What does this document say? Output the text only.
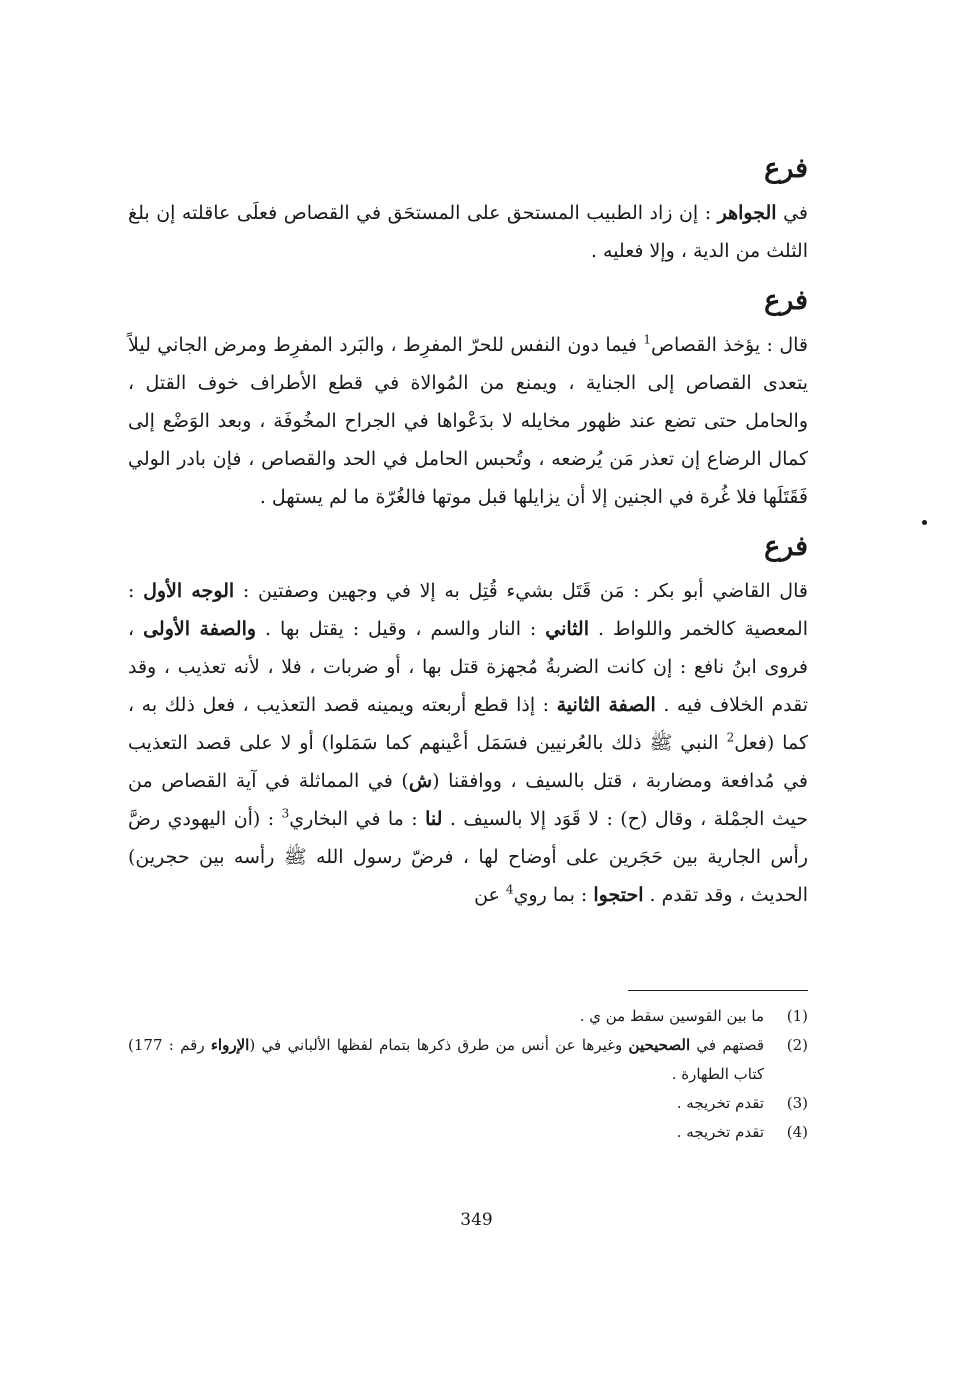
فرع

في الجواهر : إن زاد الطبيب المستحق على المستحَق في القصاص فعلَى عاقلته إن بلغ الثلث من الدية ، وإلا فعليه .

فرع

قال : يؤخذ القصاص$^1$ فيما دون النفس للحرّ المفرِط ، والبَرد المفرِط ومرض الجاني ليلاً يتعدى القصاص إلى الجناية ، ويمنع من المُوالاة في قطع الأطراف خوف القتل ، والحامل حتى تضع عند ظهور مخايله لا بدَعْواها في الجراح المخُوفَة ، وبعد الوَضْع إلى كمال الرضاع إن تعذر مَن يُرضعه ، وتُحبس الحامل في الحد والقصاص ، فإن بادر الولي فَقَتَلَها فلا غُرة في الجنين إلا أن يزايلها قبل موتها فالغُرّة ما لم يستهل .

فرع

قال القاضي أبو بكر : مَن قَتَل بشيء قُتِل به إلا في وجهين وصفتين : الوجه الأول : المعصية كالخمر واللواط . الثاني : النار والسم ، وقيل : يقتل بها . والصفة الأولى ، فروى ابنُ نافع : إن كانت الضربةُ مُجهزة قتل بها ، أو ضربات ، فلا ، لأنه تعذيب ، وقد تقدم الخلاف فيه . الصفة الثانية : إذا قطع أربعته ويمينه قصد التعذيب ، فعل ذلك به ، كما (فعل$^2$ النبي ﷺ ذلك بالعُرنيين فسَمَل أعْينهم كما سَمَلوا) أو لا على قصد التعذيب في مُدافعة ومضاربة ، قتل بالسيف ، ووافقنا (ش) في المماثلة في آية القصاص من حيث الجمْلة ، وقال (ح) : لا قَوَد إلا بالسيف . لنا : ما في البخاري$^3$ : (أن اليهودي رضَّ رأس الجارية بين حَجَرين على أوضاح لها ، فرضّ رسول الله ﷺ رأسه بين حجرين) الحديث ، وقد تقدم . احتجوا : بما روي$^4$ عن

(1)
ما بين القوسين سقط من ي .
(2)
قصتهم في الصحيحين وغيرها عن أنس من طرق ذكرها بتمام لفظها الألباني في (الإرواء رقم : 177) كتاب الطهارة .
(3)
تقدم تخريجه .
(4)
تقدم تخريجه .
349
